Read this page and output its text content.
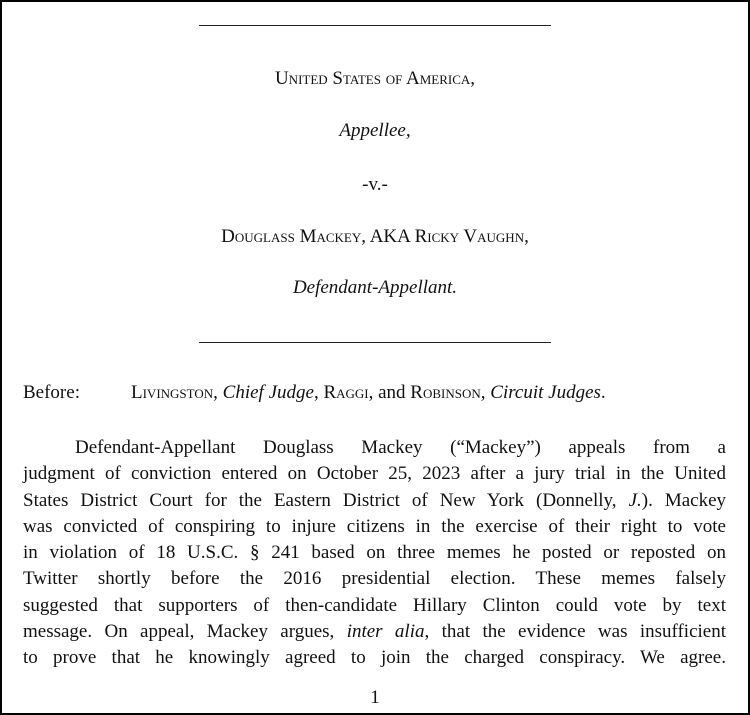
United States of America,
Appellee,
-v.-
Douglass Mackey, AKA Ricky Vaughn,
Defendant-Appellant.
Before:	Livingston, Chief Judge, Raggi, and Robinson, Circuit Judges.
Defendant-Appellant Douglass Mackey (“Mackey”) appeals from a
judgment of conviction entered on October 25, 2023 after a jury trial in the United
States District Court for the Eastern District of New York (Donnelly, J.). Mackey
was convicted of conspiring to injure citizens in the exercise of their right to vote
in violation of 18 U.S.C. § 241 based on three memes he posted or reposted on
Twitter shortly before the 2016 presidential election. These memes falsely
suggested that supporters of then-candidate Hillary Clinton could vote by text
message. On appeal, Mackey argues, inter alia, that the evidence was insufficient
to prove that he knowingly agreed to join the charged conspiracy. We agree.
1
